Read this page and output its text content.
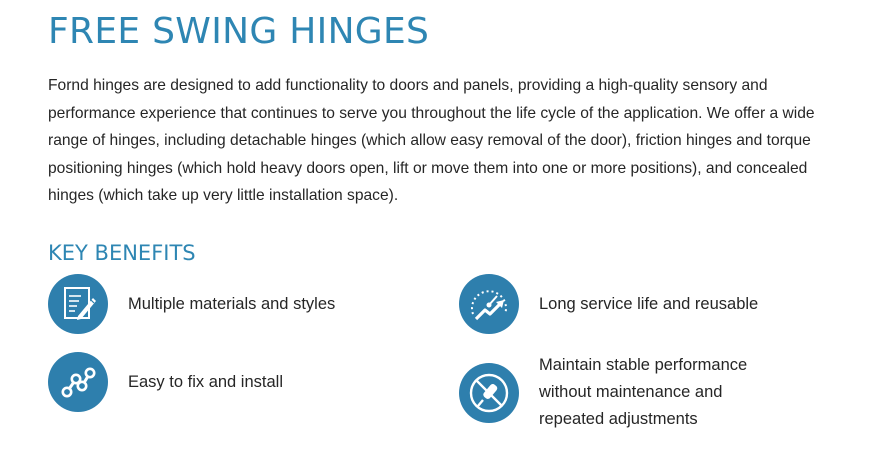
FREE SWING HINGES

Fornd hinges are designed to add functionality to doors and panels, providing a high-quality sensory and performance experience that continues to serve you throughout the life cycle of the application. We offer a wide range of hinges, including detachable hinges (which allow easy removal of the door), friction hinges and torque positioning hinges (which hold heavy doors open, lift or move them into one or more positions), and concealed hinges (which take up very little installation space).

KEY BENEFITS
Multiple materials and styles	Long service life and reusable
Easy to fix and install
Maintain stable performance without maintenance and repeated adjustments
